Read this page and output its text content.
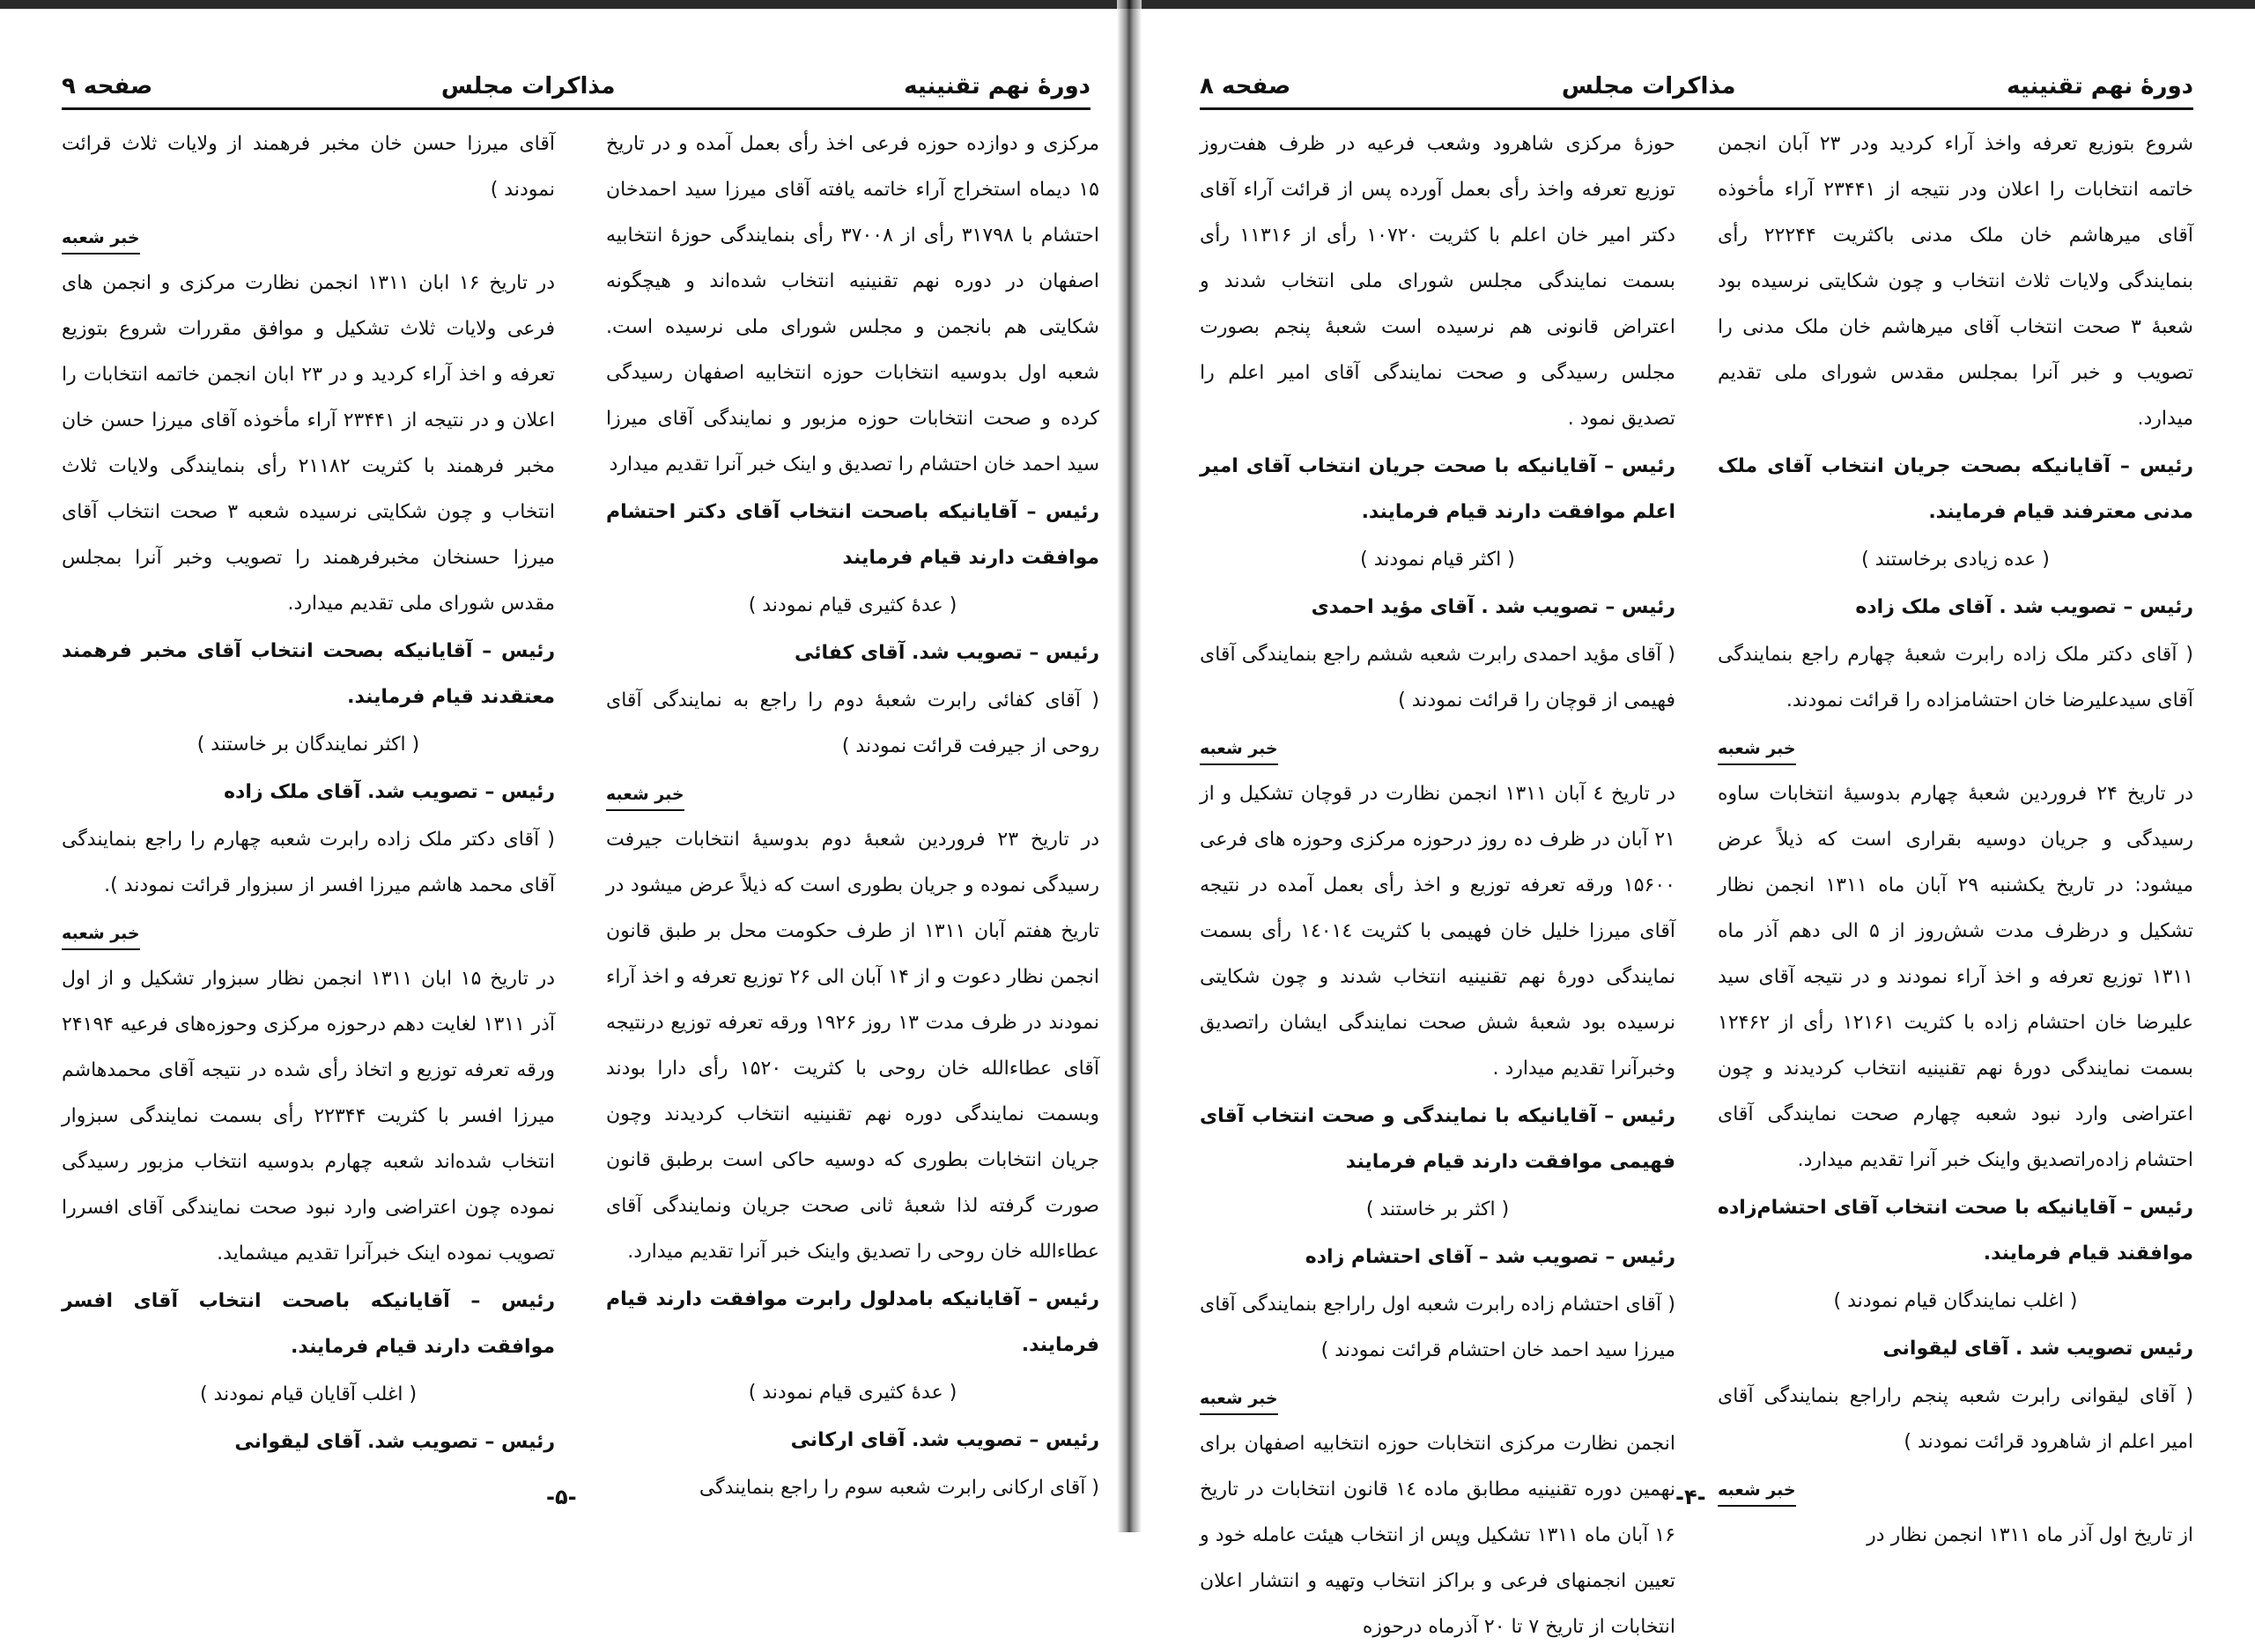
دورهٔ نهم تقنینیه
مذاکرات مجلس
صفحه ۹

مرکزی و دوازده حوزه فرعی اخذ رأی بعمل آمده و در تاریخ ۱۵ دیماه استخراج آراء خاتمه یافته آقای میرزا سید احمدخان احتشام با ۳۱۷۹۸ رأی از ۳۷۰۰۸ رأی بنمایندگی حوزهٔ انتخابیه اصفهان در دوره نهم تقنینیه انتخاب شده‌اند و هیچگونه شکایتی هم بانجمن و مجلس شورای ملی نرسیده است. شعبه اول بدوسیه انتخابات حوزه انتخابیه اصفهان رسیدگی کرده و صحت انتخابات حوزه مزبور و نمایندگی آقای میرزا سید احمد خان احتشام را تصدیق و اینک خبر آنرا تقدیم میدارد

رئیس – آقایانیکه باصحت انتخاب آقای دکتر احتشام موافقت دارند قیام فرمایند

( عدهٔ کثیری قیام نمودند )

رئیس – تصویب شد. آقای کفائی

( آقای کفائی رابرت شعبهٔ دوم را راجع به نمایندگی آقای روحی از جیرفت قرائت نمودند )

خبر شعبه

در تاریخ ۲۳ فروردین شعبهٔ دوم بدوسیهٔ انتخابات جیرفت رسیدگی نموده و جریان بطوری است که ذیلاً عرض میشود در تاریخ هفتم آبان ۱۳۱۱ از طرف حکومت محل بر طبق قانون انجمن نظار دعوت و از ۱۴ آبان الی ۲۶ توزیع تعرفه و اخذ آراء نمودند در ظرف مدت ۱۳ روز ۱۹۲۶ ورقه تعرفه توزیع درنتیجه آقای عطاء‌الله خان روحی با کثریت ۱۵۲۰ رأی دارا بودند وبسمت نمایندگی دوره نهم تقنینیه انتخاب کردیدند وچون جریان انتخابات بطوری که دوسیه حاکی است برطبق قانون صورت گرفته لذا شعبهٔ ثانی صحت جریان ونمایندگی آقای عطاء‌الله خان روحی را تصدیق واینک خبر آنرا تقدیم میدارد.

رئیس – آقایانیکه بامدلول رابرت موافقت دارند قیام فرمایند.

( عدهٔ کثیری قیام نمودند )

رئیس – تصویب شد. آقای ارکانی

( آقای ارکانی رابرت شعبه سوم را راجع بنمایندگی

آقای میرزا حسن خان مخبر فرهمند از ولایات ثلاث قرائت نمودند )

خبر شعبه

در تاریخ ۱۶ ابان ۱۳۱۱ انجمن نظارت مرکزی و انجمن های فرعی ولایات ثلاث تشکیل و موافق مقررات شروع بتوزیع تعرفه و اخذ آراء کردید و در ۲۳ ابان انجمن خاتمه انتخابات را اعلان و در نتیجه از ۲۳۴۴۱ آراء مأخوذه آقای میرزا حسن خان مخبر فرهمند با کثریت ۲۱۱۸۲ رأی بنمایندگی ولایات ثلاث انتخاب و چون شکایتی نرسیده شعبه ۳ صحت انتخاب آقای میرزا حسنخان مخبرفرهمند را تصویب وخبر آنرا بمجلس مقدس شورای ملی تقدیم میدارد.

رئیس – آقایانیکه بصحت انتخاب آقای مخبر فرهمند معتقدند قیام فرمایند.

( اکثر نمایندگان بر خاستند )

رئیس – تصویب شد. آقای ملک زاده

( آقای دکتر ملک زاده رابرت شعبه چهارم را راجع بنمایندگی آقای محمد هاشم میرزا افسر از سبزوار قرائت نمودند ).

خبر شعبه

در تاریخ ۱۵ ابان ۱۳۱۱ انجمن نظار سبزوار تشکیل و از اول آذر ۱۳۱۱ لغایت دهم درحوزه مرکزی وحوزه‌های فرعیه ۲۴۱۹۴ ورقه تعرفه توزیع و اتخاذ رأی شده در نتیجه آقای محمدهاشم میرزا افسر با کثریت ۲۲۳۴۴ رأی بسمت نمایندگی سبزوار انتخاب شده‌اند شعبه چهارم بدوسیه انتخاب مزبور رسیدگی نموده چون اعتراضی وارد نبود صحت نمایندگی آقای افسررا تصویب نموده اینک خبرآنرا تقدیم میشماید.

رئیس – آقایانیکه باصحت انتخاب آقای افسر موافقت دارند قیام فرمایند.

( اغلب آقایان قیام نمودند )

رئیس – تصویب شد. آقای لیقوانی

-۵-
دورهٔ نهم تقنینیه
مذاکرات مجلس
صفحه ۸

شروع بتوزیع تعرفه واخذ آراء کردید ودر ۲۳ آبان انجمن خاتمه انتخابات را اعلان ودر نتیجه از ۲۳۴۴۱ آراء مأخوذه آقای میرهاشم خان ملک مدنی باکثریت ۲۲۲۴۴ رأی بنمایندگی ولایات ثلاث انتخاب و چون شکایتی نرسیده بود شعبهٔ ۳ صحت انتخاب آقای میرهاشم خان ملک مدنی را تصویب و خبر آنرا بمجلس مقدس شورای ملی تقدیم میدارد.

رئیس – آقایانیکه بصحت جریان انتخاب آقای ملک مدنی معترفند قیام فرمایند.

( عده زیادی برخاستند )

رئیس – تصویب شد . آقای ملک زاده

( آقای دکتر ملک زاده رابرت شعبهٔ چهارم راجع بنمایندگی آقای سیدعلیرضا خان احتشامزاده را قرائت نمودند.

خبر شعبه

در تاریخ ۲۴ فروردین شعبهٔ چهارم بدوسیهٔ انتخابات ساوه رسیدگی و جریان دوسیه بقراری است که ذیلاً عرض میشود: در تاریخ یکشنبه ۲۹ آبان ماه ۱۳۱۱ انجمن نظار تشکیل و درظرف مدت شش‌روز از ۵ الی دهم آذر ماه ۱۳۱۱ توزیع تعرفه و اخذ آراء نمودند و در نتیجه آقای سید علیرضا خان احتشام زاده با کثریت ۱۲۱۶۱ رأی از ۱۲۴۶۲ بسمت نمایندگی دورهٔ نهم تقنینیه انتخاب کردیدند و چون اعتراضی وارد نبود شعبه چهارم صحت نمایندگی آقای احتشام زاده‌راتصدیق واینک خبر آنرا تقدیم میدارد.

رئیس – آقایانیکه با صحت انتخاب آقای احتشام‌زاده موافقند قیام فرمایند.

( اغلب نمایندگان قیام نمودند )

رئیس تصویب شد . آقای لیقوانی

( آقای لیقوانی رابرت شعبه پنجم راراجع بنمایندگی آقای امیر اعلم از شاهرود قرائت نمودند )

خبر شعبه

از تاریخ اول آذر ماه ۱۳۱۱ انجمن نظار در

حوزهٔ مرکزی شاهرود وشعب فرعیه در ظرف هفت‌روز توزیع تعرفه واخذ رأی بعمل آورده پس از قرائت آراء آقای دکتر امیر خان اعلم با کثریت ۱۰۷۲۰ رأی از ۱۱۳۱۶ رأی بسمت نمایندگی مجلس شورای ملی انتخاب شدند و اعتراض قانونی هم نرسیده است شعبهٔ پنجم بصورت مجلس رسیدگی و صحت نمایندگی آقای امیر اعلم را تصدیق نمود .

رئیس – آقایانیکه با صحت جریان انتخاب آقای امیر اعلم موافقت دارند قیام فرمایند.

( اکثر قیام نمودند )

رئیس – تصویب شد . آقای مؤید احمدی

( آقای مؤید احمدی رابرت شعبه ششم راجع بنمایندگی آقای فهیمی از قوچان را قرائت نمودند )

خبر شعبه

در تاریخ ٤ آبان ۱۳۱۱ انجمن نظارت در قوچان تشکیل و از ۲۱ آبان در ظرف ده روز درحوزه مرکزی وحوزه های فرعی ۱۵۶۰۰ ورقه تعرفه توزیع و اخذ رأی بعمل آمده در نتیجه آقای میرزا خلیل خان فهیمی با کثریت ۱٤۰۱٤ رأی بسمت نمایندگی دورهٔ نهم تقنینیه انتخاب شدند و چون شکایتی نرسیده بود شعبهٔ شش صحت نمایندگی ایشان راتصدیق وخبرآنرا تقدیم میدارد .

رئیس – آقایانیکه با نمایندگی و صحت انتخاب آقای فهیمی موافقت دارند قیام فرمایند

( اکثر بر خاستند )

رئیس – تصویب شد – آقای احتشام زاده

( آقای احتشام زاده رابرت شعبه اول راراجع بنمایندگی آقای میرزا سید احمد خان احتشام قرائت نمودند )

خبر شعبه

انجمن نظارت مرکزی انتخابات حوزه انتخابیه اصفهان برای نهمین دوره تقنینیه مطابق ماده ۱٤ قانون انتخابات در تاریخ ۱۶ آبان ماه ۱۳۱۱ تشکیل وپس از انتخاب هیئت عامله خود و تعیین انجمنهای فرعی و براکز انتخاب وتهیه و انتشار اعلان انتخابات از تاریخ ۷ تا ۲۰ آذرماه درحوزه

-۴-
